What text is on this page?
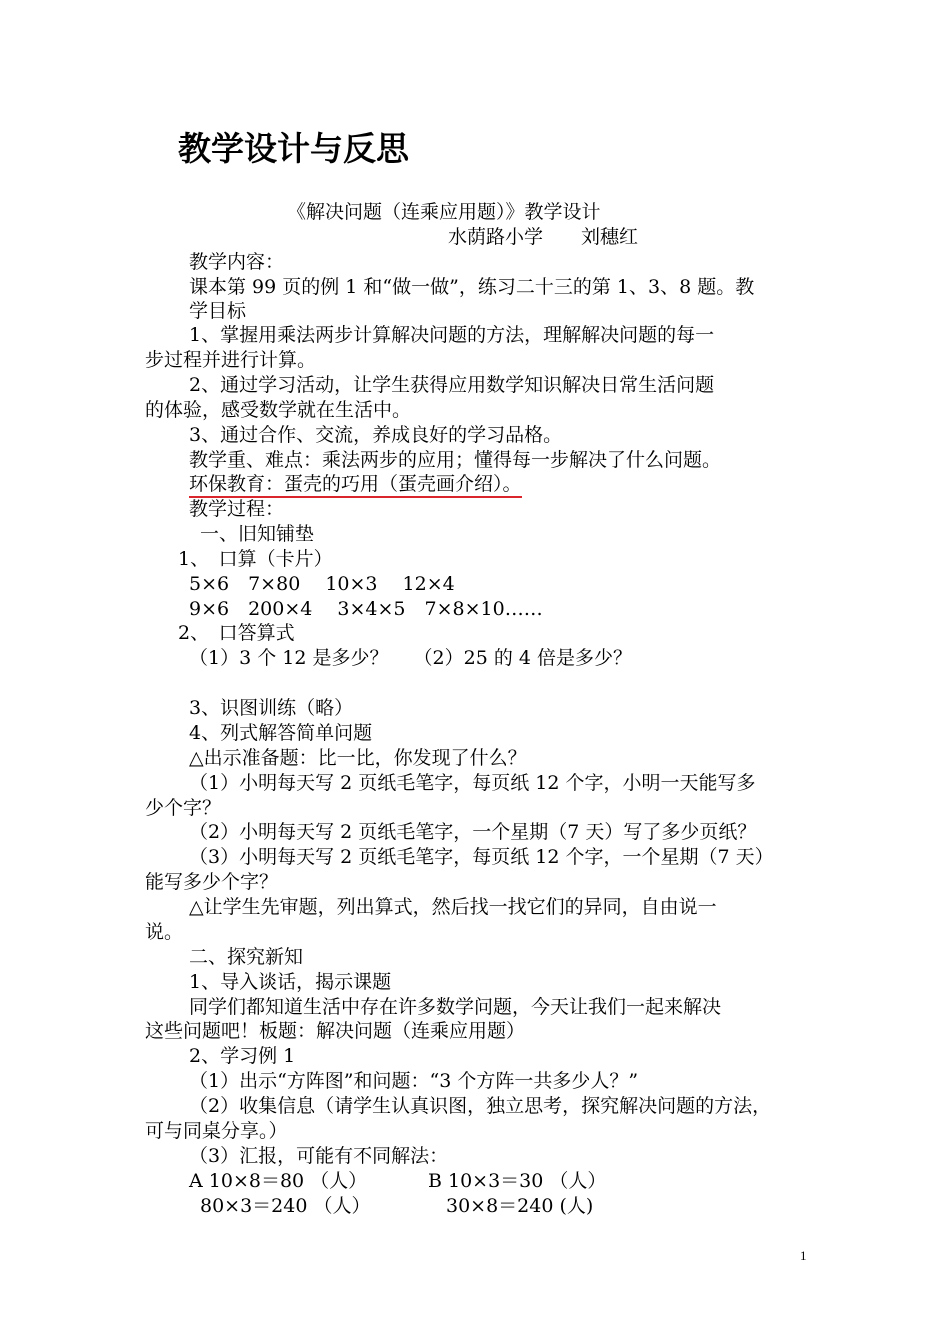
教学设计与反思
《解决问题（连乘应用题）》教学设计
水荫路小学　　刘穗红
教学内容：
课本第 99 页的例 1 和“做一做”，练习二十三的第 1、3、8 题。教
学目标
1、掌握用乘法两步计算解决问题的方法，理解解决问题的每一
步过程并进行计算。
2、通过学习活动，让学生获得应用数学知识解决日常生活问题
的体验，感受数学就在生活中。
3、通过合作、交流，养成良好的学习品格。
教学重、难点：乘法两步的应用；懂得每一步解决了什么问题。
环保教育：蛋壳的巧用（蛋壳画介绍）。
教学过程：
一、旧知铺垫
1、　口算（卡片）
5×6　7×80　 10×3　 12×4
9×6　200×4　 3×4×5　7×8×10……
2、　口答算式
（1）3 个 12 是多少？　 （2）25 的 4 倍是多少？
3、识图训练（略）
4、列式解答简单问题
△出示准备题：比一比，你发现了什么？
（1）小明每天写 2 页纸毛笔字，每页纸 12 个字，小明一天能写多
少个字？
（2）小明每天写 2 页纸毛笔字，一个星期（7 天）写了多少页纸？
（3）小明每天写 2 页纸毛笔字，每页纸 12 个字，一个星期（7 天）
能写多少个字？
△让学生先审题，列出算式，然后找一找它们的异同，自由说一
说。
二、探究新知
1、导入谈话，揭示课题
同学们都知道生活中存在许多数学问题，今天让我们一起来解决
这些问题吧！板题：解决问题（连乘应用题）
2、学习例 1
（1）出示“方阵图”和问题：“3 个方阵一共多少人？”
（2）收集信息（请学生认真识图，独立思考，探究解决问题的方法，
可与同桌分享。）
（3）汇报，可能有不同解法：
A 10×8＝80 （人）	B 10×3＝30 （人）
80×3＝240 （人）	30×8＝240 (人)
1
